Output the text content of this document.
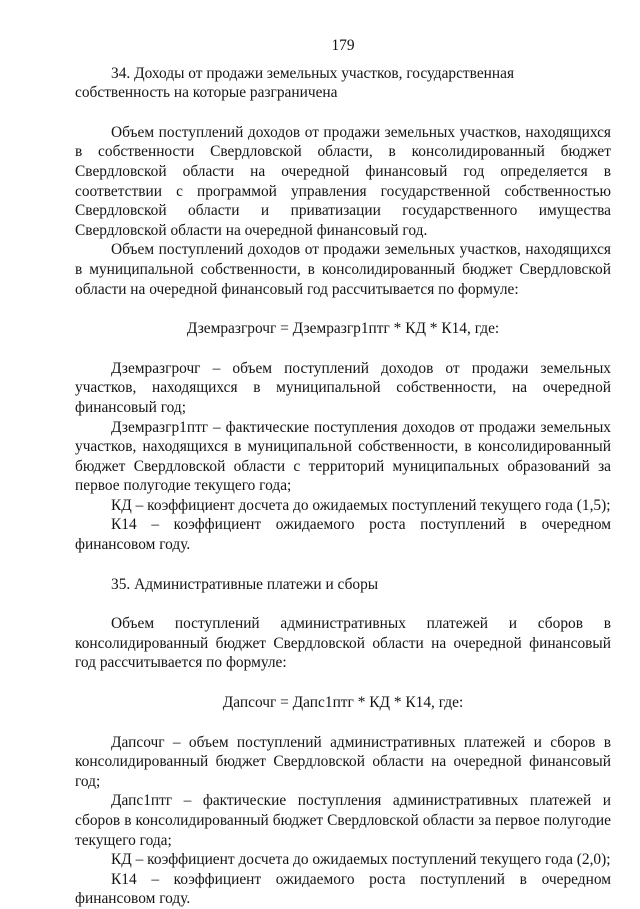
179

34. Доходы от продажи земельных участков, государственная собственность на которые разграничена

Объем поступлений доходов от продажи земельных участков, находящихся в собственности Свердловской области, в консолидированный бюджет Свердловской области на очередной финансовый год определяется в соответствии с программой управления государственной собственностью Свердловской области и приватизации государственного имущества Свердловской области на очередной финансовый год.

Объем поступлений доходов от продажи земельных участков, находящихся в муниципальной собственности, в консолидированный бюджет Свердловской области на очередной финансовый год рассчитывается по формуле:

Дземразгрочг = Дземразгр1птг * КД * К14, где:

Дземразгрочг – объем поступлений доходов от продажи земельных участков, находящихся в муниципальной собственности, на очередной финансовый год;

Дземразгр1птг – фактические поступления доходов от продажи земельных участков, находящихся в муниципальной собственности, в консолидированный бюджет Свердловской области с территорий муниципальных образований за первое полугодие текущего года;

КД – коэффициент досчета до ожидаемых поступлений текущего года (1,5);

К14 – коэффициент ожидаемого роста поступлений в очередном финансовом году.

35. Административные платежи и сборы

Объем поступлений административных платежей и сборов в консолидированный бюджет Свердловской области на очередной финансовый год рассчитывается по формуле:

Дапсочг = Дапс1птг * КД * К14, где:

Дапсочг – объем поступлений административных платежей и сборов в консолидированный бюджет Свердловской области на очередной финансовый год;

Дапс1птг – фактические поступления административных платежей и сборов в консолидированный бюджет Свердловской области за первое полугодие текущего года;

КД – коэффициент досчета до ожидаемых поступлений текущего года (2,0);

К14 – коэффициент ожидаемого роста поступлений в очередном финансовом году.
